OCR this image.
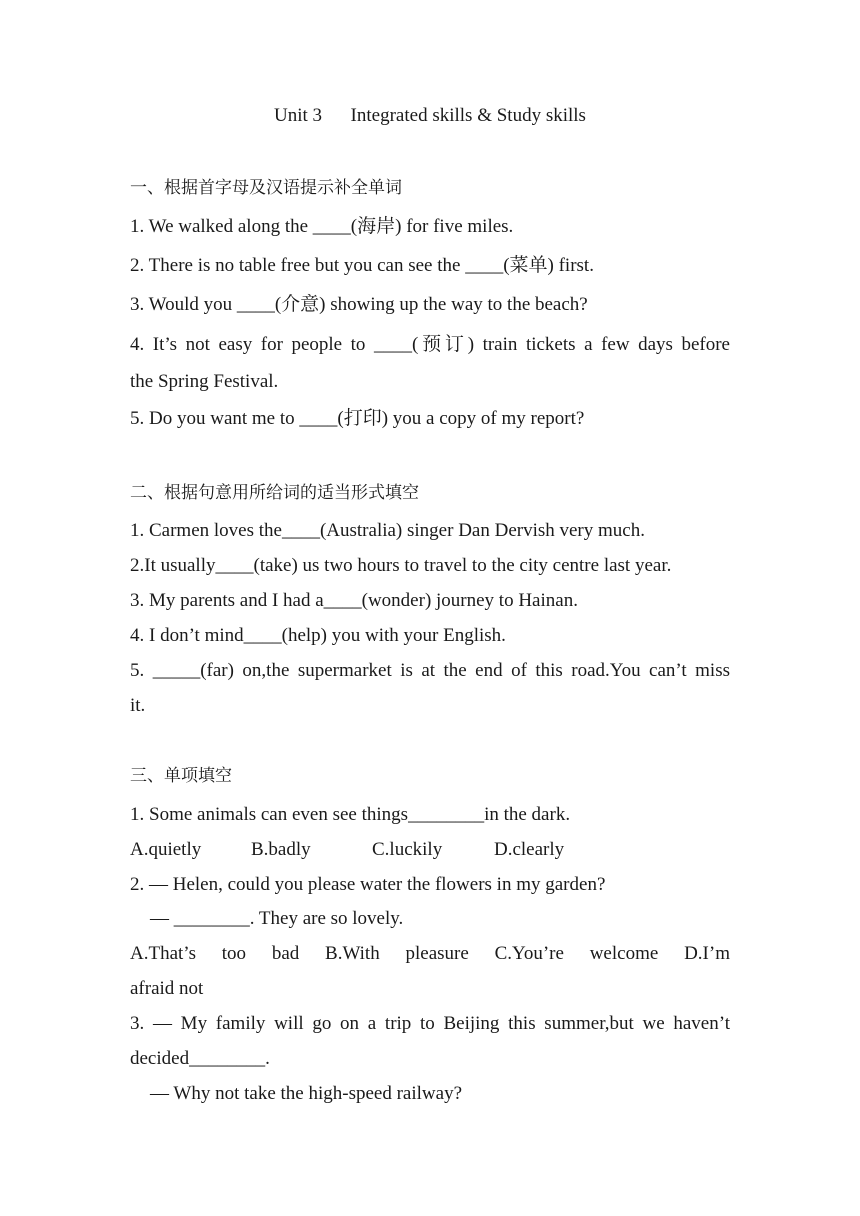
Unit 3      Integrated skills & Study skills
一、根据首字母及汉语提示补全单词
1. We walked along the ____(海岸) for five miles.
2. There is no table free but you can see the ____(菜单) first.
3. Would you ____(介意) showing up the way to the beach?
4. It’s not easy for people to ____(预订) train tickets a few days before
the Spring Festival.
5. Do you want me to ____(打印) you a copy of my report?
二、根据句意用所给词的适当形式填空
1. Carmen loves the____(Australia) singer Dan Dervish very much.
2.It usually____(take) us two hours to travel to the city centre last year.
3. My parents and I had a____(wonder) journey to Hainan.
4. I don’t mind____(help) you with your English.
5. _____(far) on,the supermarket is at the end of this road.You can’t miss
it.
三、单项填空
1. Some animals can even see things________in the dark.
A.quietly	B.badly	C.luckily	D.clearly
2. — Helen, could you please water the flowers in my garden?
— ________. They are so lovely.
A.That’s too bad B.With pleasure C.You’re welcome D.I’m
afraid not
3. — My family will go on a trip to Beijing this summer,but we haven’t
decided________.
— Why not take the high-speed railway?
